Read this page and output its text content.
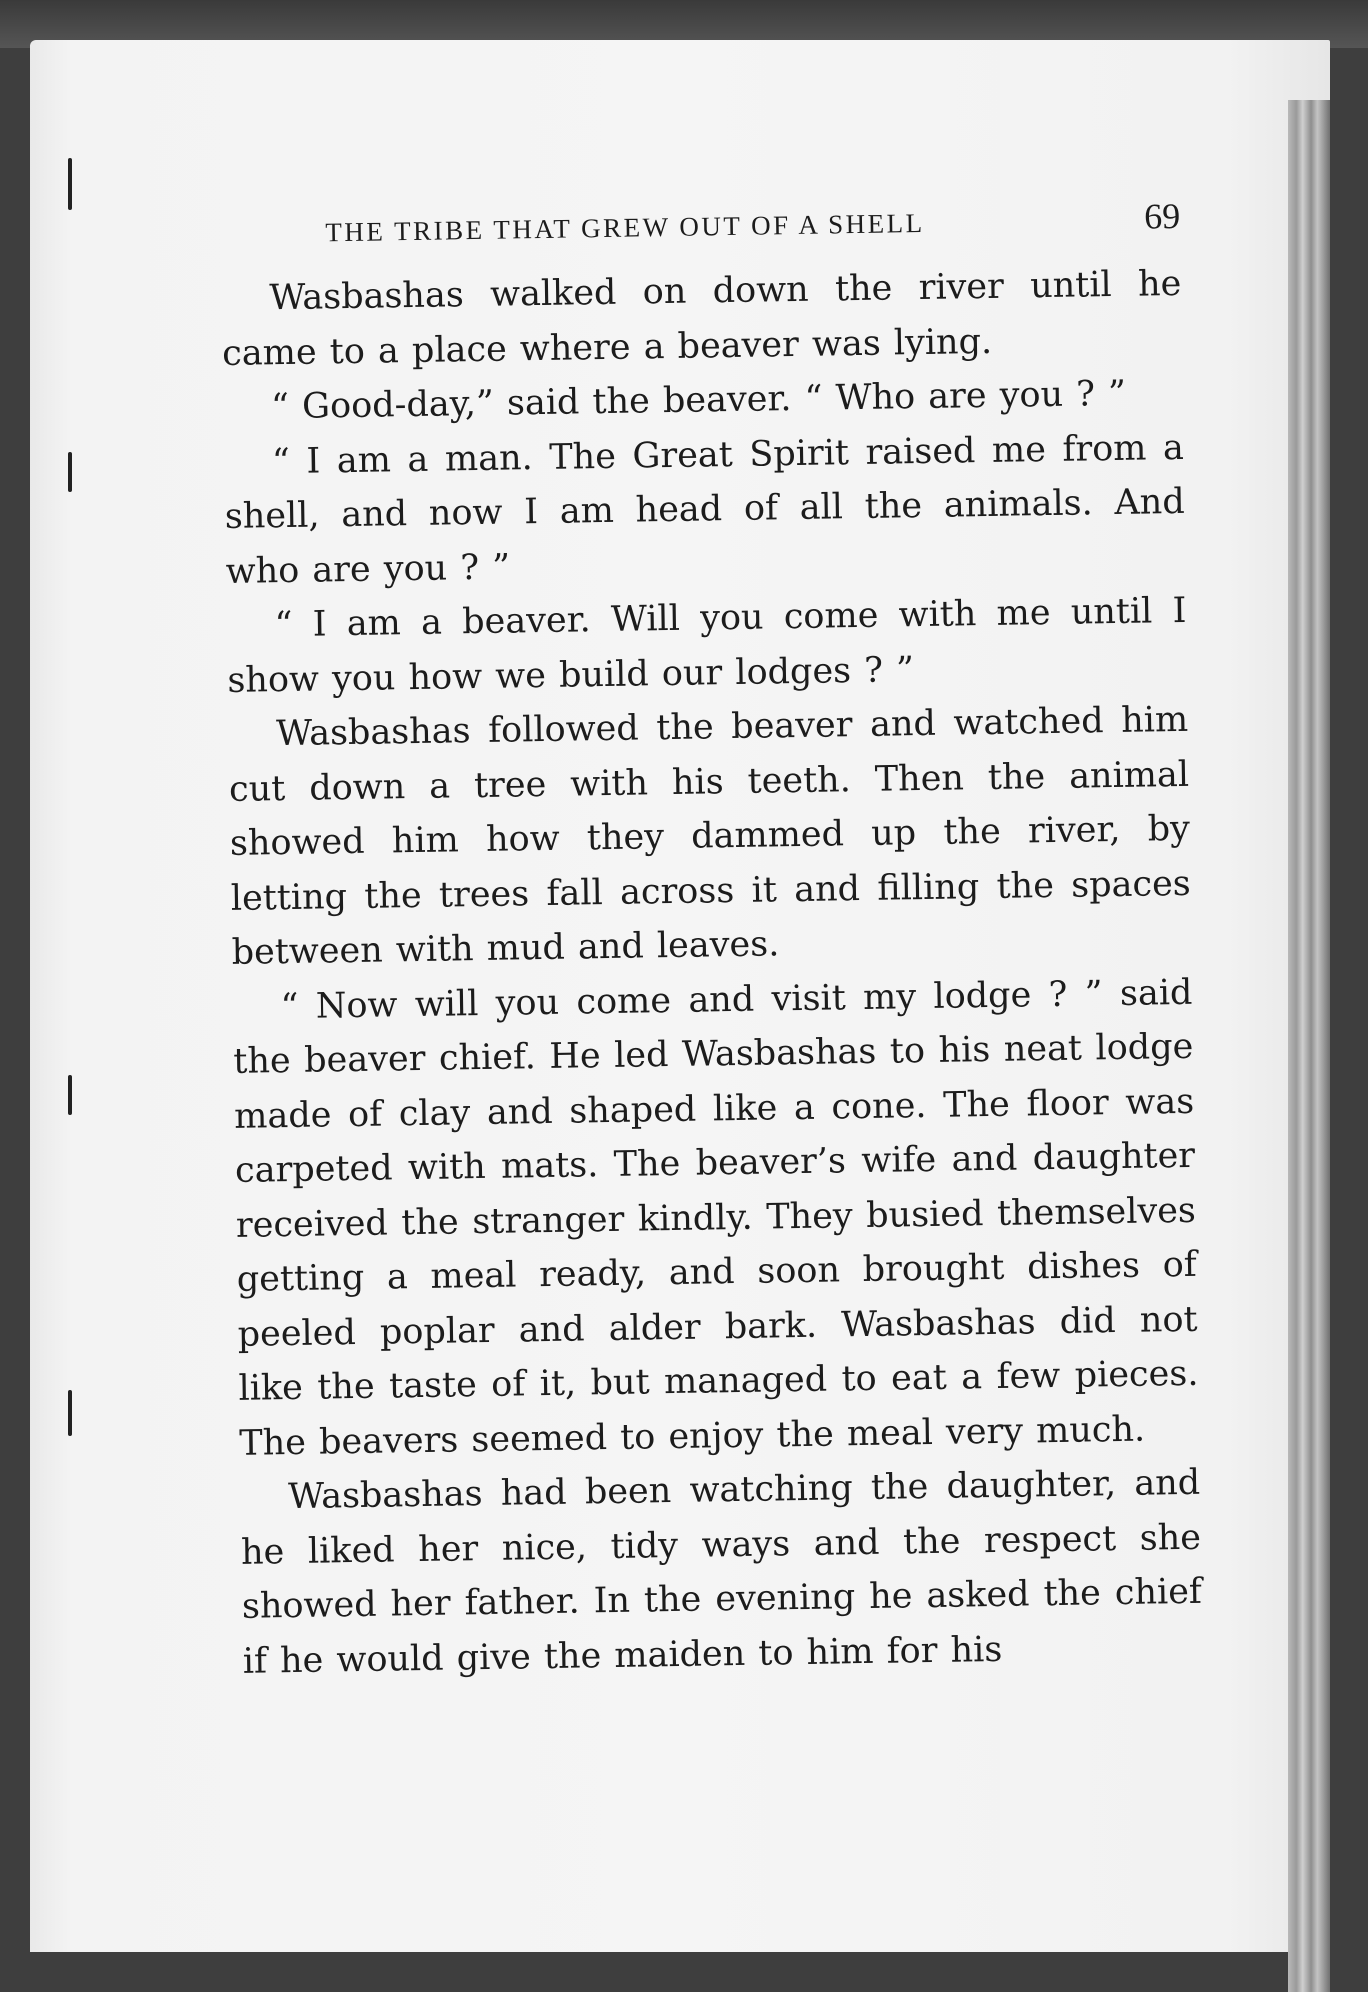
THE TRIBE THAT GREW OUT OF A SHELL	69

Wasbashas walked on down the river until he came to a place where a beaver was lying.

“ Good-day,” said the beaver. “ Who are you ? ”

“ I am a man. The Great Spirit raised me from a shell, and now I am head of all the animals. And who are you ? ”

“ I am a beaver. Will you come with me until I show you how we build our lodges ? ”

Wasbashas followed the beaver and watched him cut down a tree with his teeth. Then the animal showed him how they dammed up the river, by letting the trees fall across it and filling the spaces between with mud and leaves.

“ Now will you come and visit my lodge ? ” said the beaver chief. He led Wasbashas to his neat lodge made of clay and shaped like a cone. The floor was carpeted with mats. The beaver’s wife and daughter received the stranger kindly. They busied themselves getting a meal ready, and soon brought dishes of peeled poplar and alder bark. Wasbashas did not like the taste of it, but managed to eat a few pieces. The beavers seemed to enjoy the meal very much.

Wasbashas had been watching the daughter, and he liked her nice, tidy ways and the respect she showed her father. In the evening he asked the chief if he would give the maiden to him for his
